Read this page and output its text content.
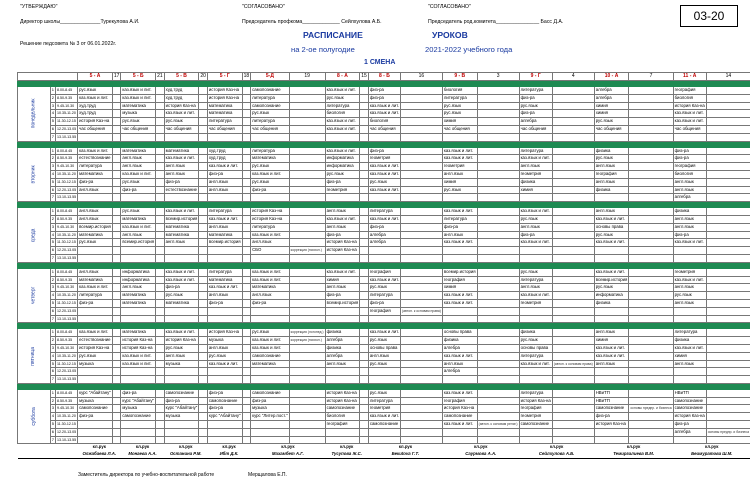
"УТВЕРЖДАЮ"	"СОГЛАСОВАНО"	"СОГЛАСОВАНО"
Директор школы______________Турекулова А.И.	Председатель профкома_____________ Сейлхулова А.Б.	Председатель род.комитета_______________ Басс Д.А.
Решение педсовета № 3 от 06.01.2022г.
03-20
РАСПИСАНИЕ	УРОКОВ
на 2-ое полугодие	2021-2022 учебного года
1 СМЕНА
			5 - А	17	5 - Б	21	5 - В	20	5 - Г	18	5-Д	19	8 - А	15	8 - Б	16	9 - В	3	9 - Г	4	10 - А	7	11 - А	14

понедельник	1	8.00-8.45	рус.язык		каз.язык и лит.		худ.труд		история Каз-на		самопознание		каз.язык и лит.		физ-ра		биология		литература		алгебра		география	
	2	8.50-9.35	каз.язык и лит.		каз.язык и лит.		худ.труд		история Каз-на		литература		рус.язык		физ-ра		литература		физ-ра		алгебра		биология	
	3	9.45-10.30	худ.труд		математика		история Каз-на		математика		самопознание		литература		каз.язык и лит.		рус.язык		рус.язык		химия		история Каз-на	
	4	10.35-11.20	худ.труд		музыка		каз.язык и лит.		математика		рус.язык		биология		каз.язык и лит.		рус.язык		физ-ра		химия		каз.язык и лит.	
	5	11.30-12.15	история Каз-на		рус.язык		рус.язык		литература		литература		каз.язык и лит.		биология		химия		алгебра		рус.язык		каз.язык и лит.	
	6	12.20-13.05	час общения		час общения		час общения		час общения		час общения		каз.язык и лит.		час общения		час общения		час общения		час общения		час общения	
	7	13.10-13.55																						

вторник	1	8.00-8.45	каз.язык и лит.		математика		математика		худ.труд		литература		каз.язык и лит.		физ-ра		каз.язык и лит.		литература		физика		физ-ра	
	2	8.50-9.35	естествознание		англ.язык		каз.язык и лит.		худ.труд		математика		информатика		геометрия		каз.язык и лит.		каз.язык и лит.		рус.язык		физ-ра	
	3	9.45-10.30	литература		англ.язык		англ.язык		каз.язык и лит.		рус.язык		информатика		каз.язык и лит.		геометрия		англ.язык		англ.язык		география	
	4	10.35-11.20	математика		каз.язык и лит.		англ.язык		физ-ра		каз.язык и лит.		рус.язык		каз.язык и лит.		англ.язык		геометрия		география		биология	
	5	11.30-12.15	физ-ра		рус.язык		физ-ра		англ.язык		рус.язык		физ-ра		рус.язык		химия		физика		англ.язык		англ.язык	
	6	12.20-13.05	англ.язык		физ-ра		естествознание		англ.язык		физ-ра		геометрия		каз.язык и лит.		рус.язык		химия		физика		англ.язык	
	7	13.10-13.55																					алгебра	

среда	1	8.00-8.45	англ.язык		рус.язык		каз.язык и лит.		литература		история Каз-на		англ.язык		литература		каз.язык и лит.		каз.язык и лит.		англ.язык		физика	
	2	8.50-9.35	англ.язык		математика		всемир.история		каз.язык и лит.		история Каз-на		каз.язык и лит.		каз.язык и лит.		литература		рус.язык		каз.язык и лит.		англ.язык	
	3	9.45-10.30	всемир.история		каз.язык и лит.		математика		англ.язык		литература		англ.язык		физ-ра		физ-ра		англ.язык		основы права		англ.язык	
	4	10.35-11.20	математика		англ.язык		математика		математика		каз.язык и лит.		физ-ра		алгебра		англ.язык		физ-ра		рус.язык		физ-ра	
	5	11.30-12.15	рус.язык		всемир.история		англ.язык		всемир.история		англ.язык		история Каз-на		алгебра		каз.язык и лит.		каз.язык и лит.		каз.язык и лит.		каз.язык и лит.	
	6	12.20-13.05									СБО	коррекция (психол.)	история Каз-на											
	7	13.10-13.55																						

четверг	1	8.00-8.45	англ.язык		информатика		каз.язык и лит.		литература		каз.язык и лит.		каз.язык и лит.		география		всемир.история		рус.язык		каз.язык и лит.		геометрия	
	2	8.50-9.35	математика		информатика		каз.язык и лит.		математика		каз.язык и лит.		химия		каз.язык и лит.		география		литература		всемир.история		каз.язык и лит.	
	3	9.45-10.30	каз.язык и лит.		англ.язык		физ-ра		каз.язык и лит.		математика		англ.язык		рус.язык		химия		англ.язык		рус.язык		англ.язык	
	4	10.35-11.20	литература		математика		рус.язык		англ.язык		англ.язык		физ-ра		литература		каз.язык и лит.		каз.язык и лит.		информатика		рус.язык	
	5	11.30-12.15	физ-ра		математика		математика		физ-ра		физ-ра		всемир.история		физ-ра		каз.язык и лит.		геометрия		физика		англ.язык	
	6	12.20-13.05													география	(автоп. к основам права)								
	7	13.10-13.55																						

пятница	1	8.00-8.45	каз.язык и лит.		математика		каз.язык и лит.		история Каз-на		рус.язык	коррекция (логопед.)	физика		каз.язык и лит.		основы права		физика		англ.язык		литература	
	2	8.50-9.35	естествознание		история Каз-на		история Каз-на		музыка		каз.язык и лит.	коррекция (психол.)	алгебра		рус.язык		физика		рус.язык		химия		физика	
	3	9.45-10.30	история Каз-на		история Каз-на		рус.язык		англ.язык		каз.язык и лит.		физика		основы права		алгебра		основы права		каз.язык и лит.		каз.язык и лит.	
	4	10.35-11.20	рус.язык		каз.язык и лит.		англ.язык		рус.язык		самопознание		алгебра		англ.язык		каз.язык и лит.		литература		каз.язык и лит.		химия	
	5	11.30-12.15	музыка		каз.язык и лит.		музыка		каз.язык и лит.		математика		англ.язык		рус.язык		англ.язык		каз.язык и лит.	(автоп. к основам права)	англ.язык		англ.язык	
	6	12.20-13.05															алгебра							
	7	13.10-13.55																						

суббота	1	8.00-8.45	курс "Абайтану"		физ-ра		самопознание		физ-ра		самопознание		история Каз-на		рус.язык		каз.язык и лит.		литература		НВиТП		НВиТП	
	2	8.50-9.35	музыка		курс "Абайтану"		физ-ра		самопознание		физ-ра		история Каз-на		литература		география		история Каз-на		НВиТП		самопознание	
	3	9.45-10.30	самопознание		музыка		курс "Абайтану"		физ-ра		музыка		самопознание		геометрия		история Каз-на		география		самопознание	основы предпр. и бизнеса	самопознание	
	4	10.35-11.20	физ-ра		самопознание		музыка		курс "Абайтану"		курс "Литер.пост."		биология		каз.язык и лит.		самопознание		геометрия		физ-ра		история Каз-на	
	5	11.30-12.15											география		самопознание		каз.язык и лит.	(автоп. к основам религ.)	самопознание		история Каз-на		физ-ра	
	6	12.20-13.05																					алгебра	основы предпр. и бизнеса
	7	13.10-13.55																						
			кл.рук		кл.рук		кл.рук		кл.рук		кл.рук		кл.рук		кл.рук		кл.рук		кл.рук		кл.рук		кл.рук	
			Олжабаева Л.А.		Монаева А.А.		Останина Р.М.		Ибт Д.К.		Махамбет А.Г.		Тусупова Ж.С.		Бекиtova Г.Т.		Саурмова А.А.		Сейлхулова А.Б.		Темиргалиева В.М.		Беимуратова Ш.М.	
Заместитель директора по учебно-воспитательной работе	Мерщалова Е.П.
